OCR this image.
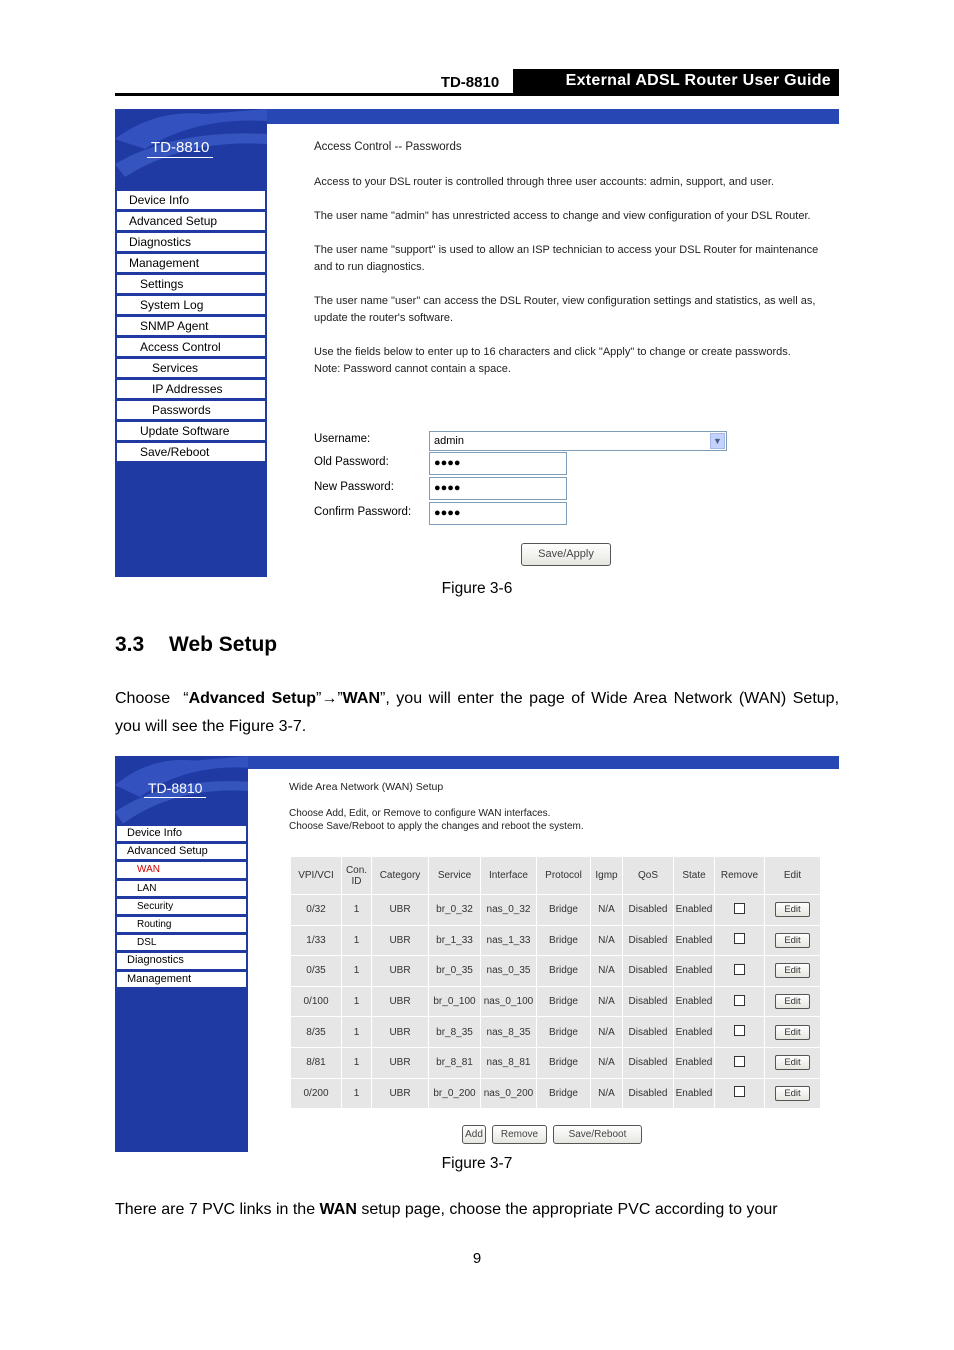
TD-8810	External ADSL Router User Guide
TD-8810
Device Info
Advanced Setup
Diagnostics
Management
Settings
System Log
SNMP Agent
Access Control
Services
IP Addresses
Passwords
Update Software
Save/Reboot

Access Control -- Passwords

Access to your DSL router is controlled through three user accounts: admin, support, and user.

The user name "admin" has unrestricted access to change and view configuration of your DSL Router.

The user name "support" is used to allow an ISP technician to access your DSL Router for maintenance and to run diagnostics.

The user name "user" can access the DSL Router, view configuration settings and statistics, as well as, update the router's software.

Use the fields below to enter up to 16 characters and click "Apply" to change or create passwords. Note: Password cannot contain a space.

Username:	admin	▼
Old Password:	●●●●
New Password:	●●●●
Confirm Password:	●●●●
Save/Apply
Figure 3-6
3.3 Web Setup
Choose “Advanced Setup”→”WAN”, you will enter the page of Wide Area Network (WAN) Setup, you will see the Figure 3-7.
TD-8810
Device Info
Advanced Setup
WAN
LAN
Security
Routing
DSL
Diagnostics
Management
Wide Area Network (WAN) Setup
Choose Add, Edit, or Remove to configure WAN interfaces.
Choose Save/Reboot to apply the changes and reboot the system.
VPI/VCI	Con. ID	Category	Service	Interface	Protocol	Igmp	QoS	State	Remove	Edit
0/32	1	UBR	br_0_32	nas_0_32	Bridge	N/A	Disabled	Enabled		Edit
1/33	1	UBR	br_1_33	nas_1_33	Bridge	N/A	Disabled	Enabled		Edit
0/35	1	UBR	br_0_35	nas_0_35	Bridge	N/A	Disabled	Enabled		Edit
0/100	1	UBR	br_0_100	nas_0_100	Bridge	N/A	Disabled	Enabled		Edit
8/35	1	UBR	br_8_35	nas_8_35	Bridge	N/A	Disabled	Enabled		Edit
8/81	1	UBR	br_8_81	nas_8_81	Bridge	N/A	Disabled	Enabled		Edit
0/200	1	UBR	br_0_200	nas_0_200	Bridge	N/A	Disabled	Enabled		Edit
Add	Remove	Save/Reboot
Figure 3-7
There are 7 PVC links in the WAN setup page, choose the appropriate PVC according to your
9
